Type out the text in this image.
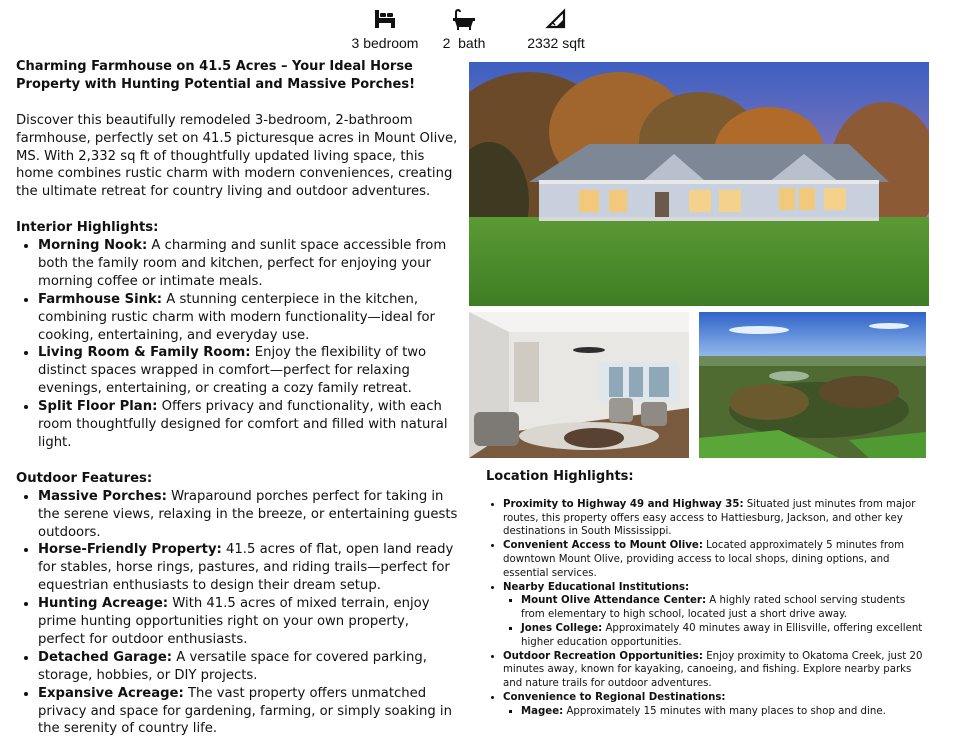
3 bedroom	2  bath	2332 sqft

Charming Farmhouse on 41.5 Acres – Your Ideal Horse Property with Hunting Potential and Massive Porches!

Discover this beautifully remodeled 3-bedroom, 2-bathroom farmhouse, perfectly set on 41.5 picturesque acres in Mount Olive, MS. With 2,332 sq ft of thoughtfully updated living space, this home combines rustic charm with modern conveniences, creating the ultimate retreat for country living and outdoor adventures.

Interior Highlights:

• Morning Nook: A charming and sunlit space accessible from both the family room and kitchen, perfect for enjoying your morning coffee or intimate meals.
• Farmhouse Sink: A stunning centerpiece in the kitchen, combining rustic charm with modern functionality—ideal for cooking, entertaining, and everyday use.
• Living Room & Family Room: Enjoy the flexibility of two distinct spaces wrapped in comfort—perfect for relaxing evenings, entertaining, or creating a cozy family retreat.
• Split Floor Plan: Offers privacy and functionality, with each room thoughtfully designed for comfort and filled with natural light.

Outdoor Features:

• Massive Porches: Wraparound porches perfect for taking in the serene views, relaxing in the breeze, or entertaining guests outdoors.
• Horse-Friendly Property: 41.5 acres of flat, open land ready for stables, horse rings, pastures, and riding trails—perfect for equestrian enthusiasts to design their dream setup.
• Hunting Acreage: With 41.5 acres of mixed terrain, enjoy prime hunting opportunities right on your own property, perfect for outdoor enthusiasts.
• Detached Garage: A versatile space for covered parking, storage, hobbies, or DIY projects.
• Expansive Acreage: The vast property offers unmatched privacy and space for gardening, farming, or simply soaking in the serenity of country life.
Location Highlights:
• Proximity to Highway 49 and Highway 35: Situated just minutes from major routes, this property offers easy access to Hattiesburg, Jackson, and other key destinations in South Mississippi.
• Convenient Access to Mount Olive: Located approximately 5 minutes from downtown Mount Olive, providing access to local shops, dining options, and essential services.
• Nearby Educational Institutions:
▪ Mount Olive Attendance Center: A highly rated school serving students from elementary to high school, located just a short drive away.
▪ Jones College: Approximately 40 minutes away in Ellisville, offering excellent higher education opportunities.
• Outdoor Recreation Opportunities: Enjoy proximity to Okatoma Creek, just 20 minutes away, known for kayaking, canoeing, and fishing. Explore nearby parks and nature trails for outdoor adventures.
• Convenience to Regional Destinations:
▪ Magee: Approximately 15 minutes with many places to shop and dine.
